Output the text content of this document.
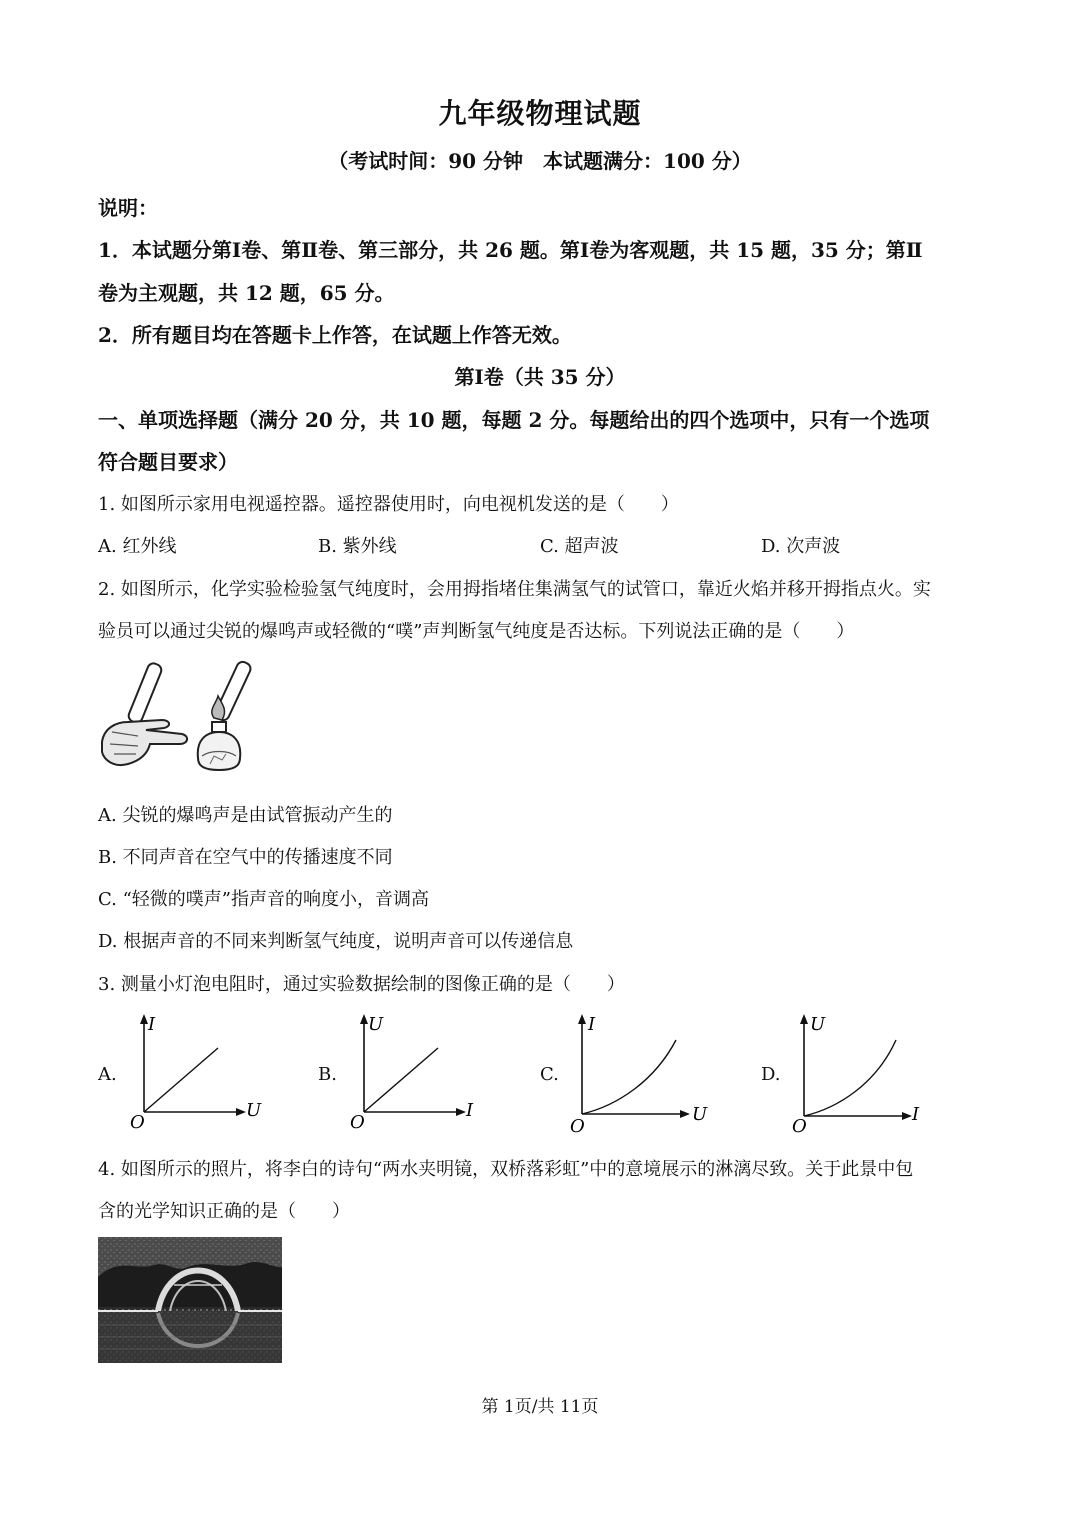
九年级物理试题
（考试时间：90 分钟　本试题满分：100 分）
说明：
1．本试题分第Ⅰ卷、第Ⅱ卷、第三部分，共 26 题。第Ⅰ卷为客观题，共 15 题，35 分；第Ⅱ
卷为主观题，共 12 题，65 分。
2．所有题目均在答题卡上作答，在试题上作答无效。
第Ⅰ卷（共 35 分）
一、单项选择题（满分 20 分，共 10 题，每题 2 分。每题给出的四个选项中，只有一个选项
符合题目要求）
1. 如图所示家用电视遥控器。遥控器使用时，向电视机发送的是（　　）
A. 红外线	B. 紫外线	C. 超声波	D. 次声波
2. 如图所示，化学实验检验氢气纯度时，会用拇指堵住集满氢气的试管口，靠近火焰并移开拇指点火。实
验员可以通过尖锐的爆鸣声或轻微的“噗”声判断氢气纯度是否达标。下列说法正确的是（　　）
A. 尖锐的爆鸣声是由试管振动产生的
B. 不同声音在空气中的传播速度不同
C. “轻微的噗声”指声音的响度小，音调高
D. 根据声音的不同来判断氢气纯度，说明声音可以传递信息
3. 测量小灯泡电阻时，通过实验数据绘制的图像正确的是（　　）
A.
I
U
O
B.
U
I
O
C.
I
U
O
D.
U
I
O
4. 如图所示的照片，将李白的诗句“两水夹明镜，双桥落彩虹”中的意境展示的淋漓尽致。关于此景中包
含的光学知识正确的是（　　）
第 1页/共 11页
